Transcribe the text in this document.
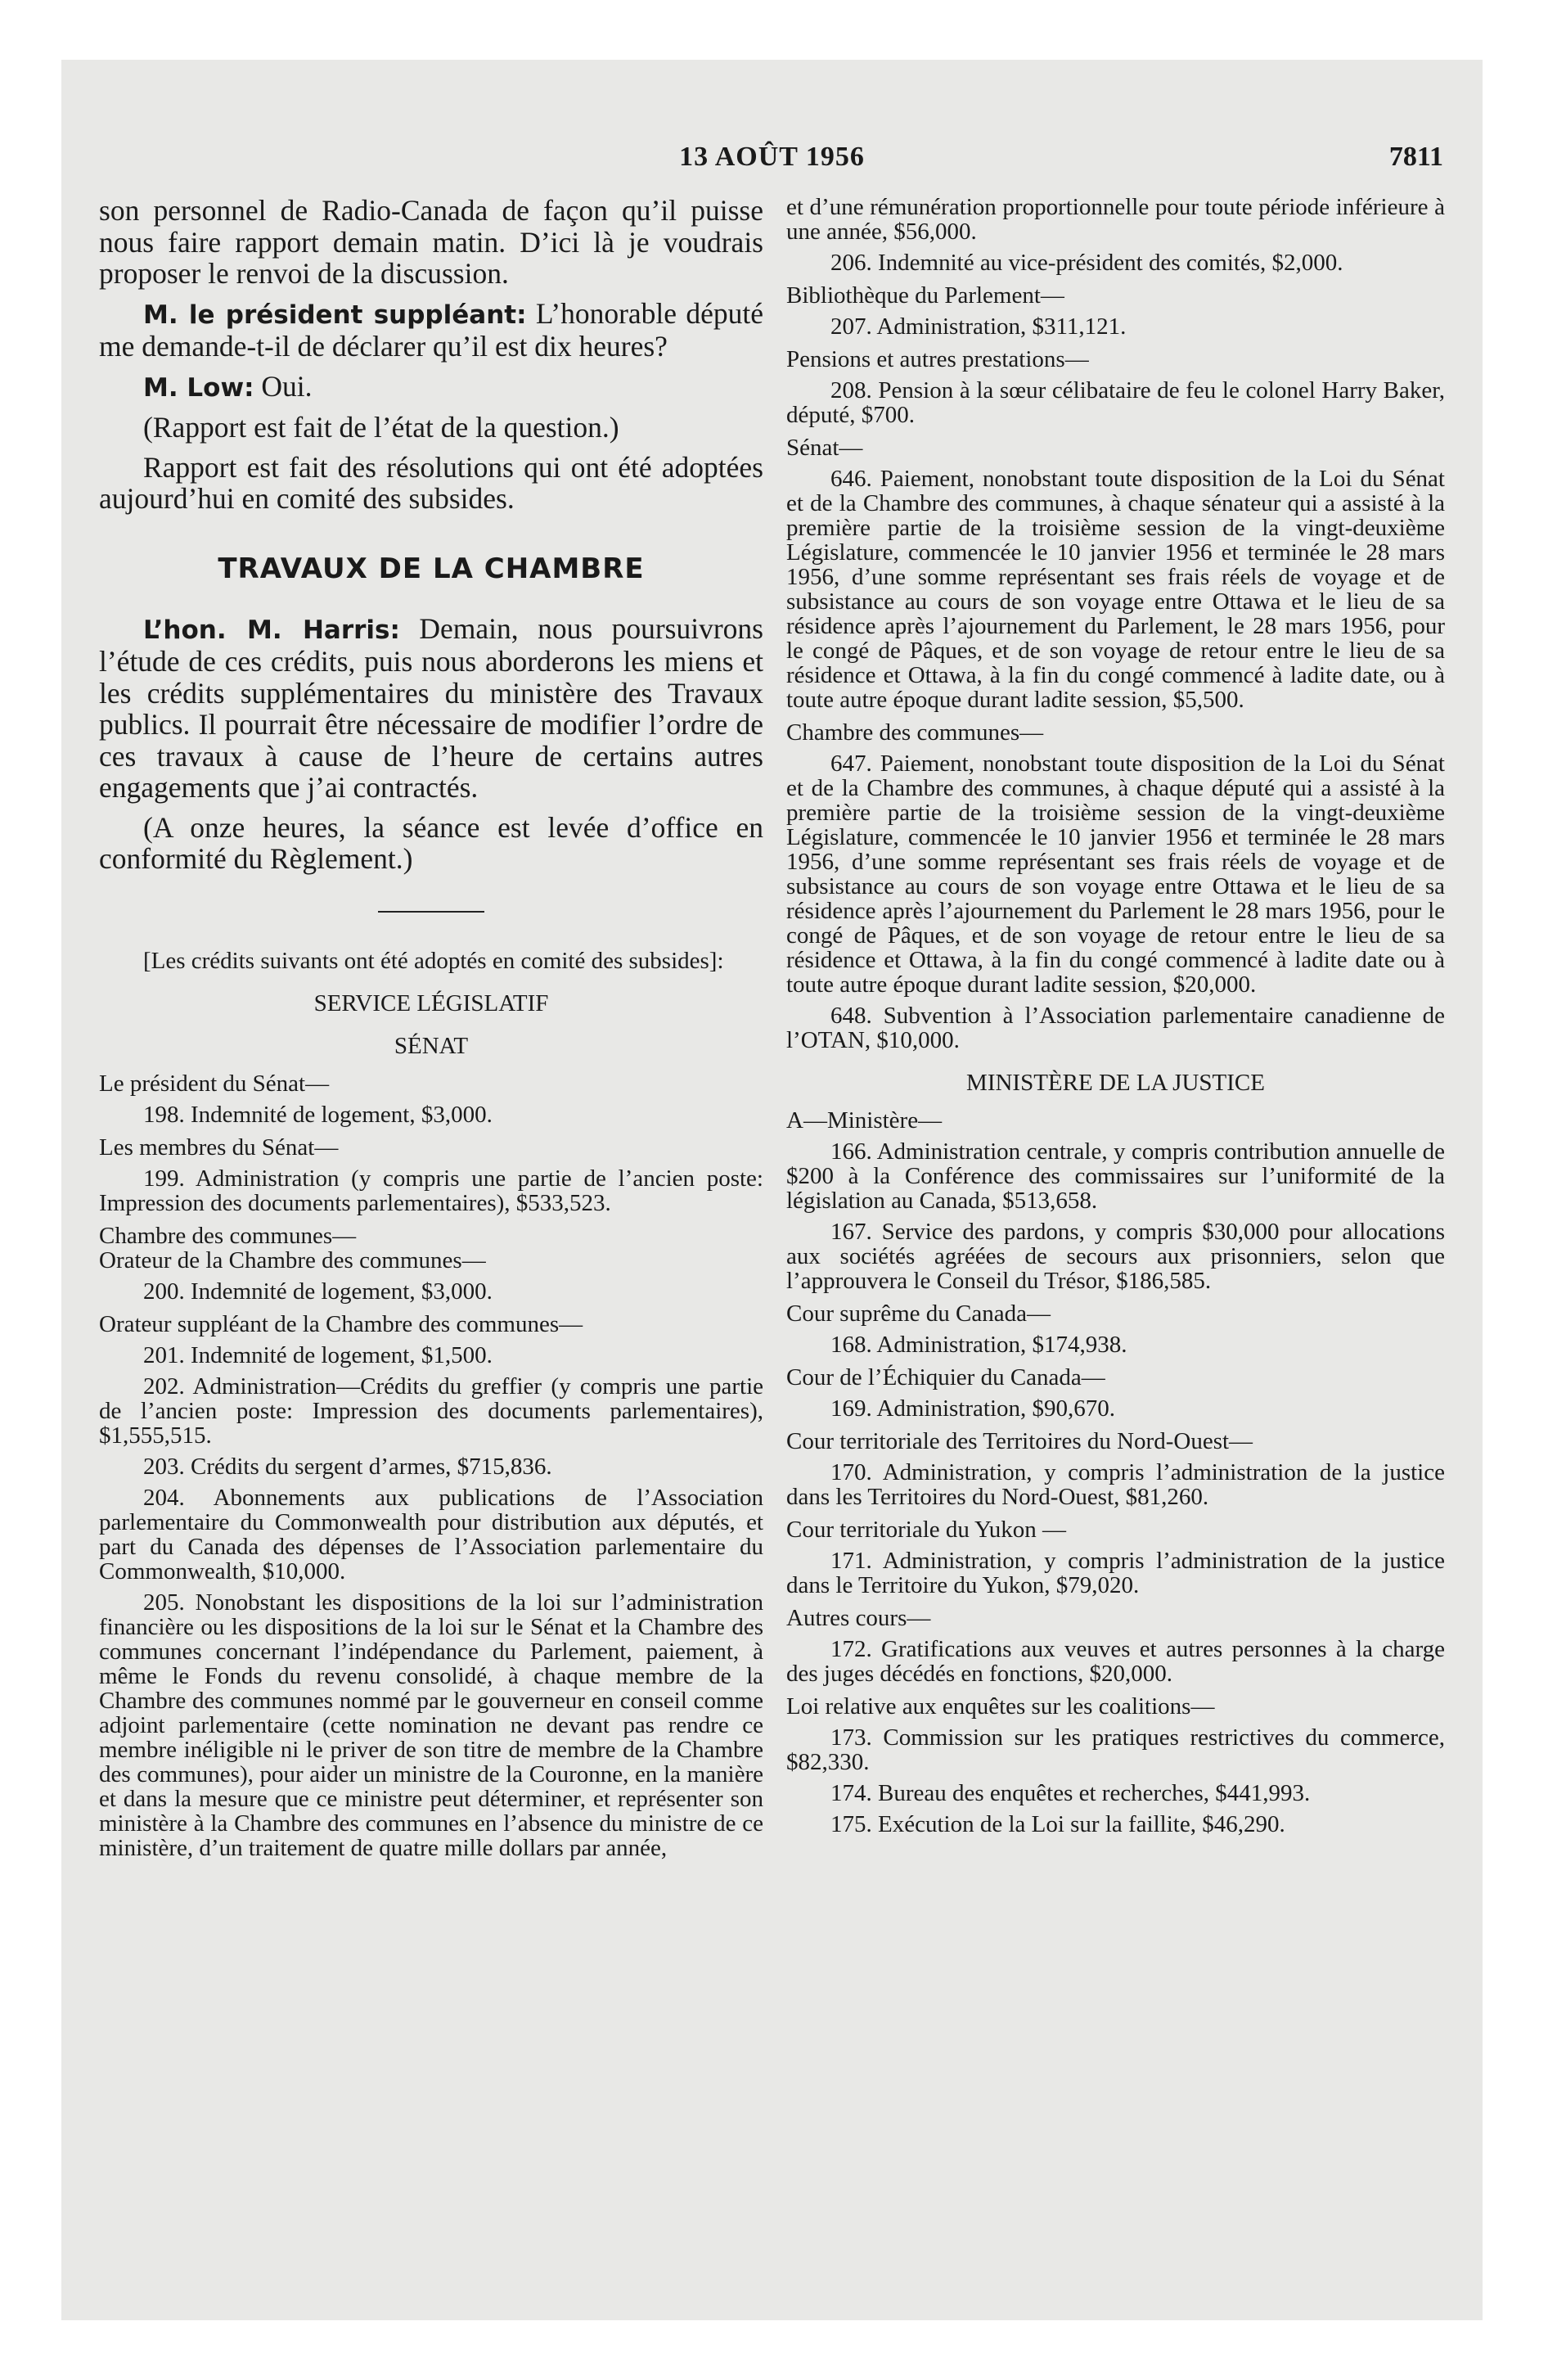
13 AOÛT 1956	7811

son personnel de Radio-Canada de façon qu’il puisse nous faire rapport demain matin. D’ici là je voudrais proposer le renvoi de la discussion.

M. le président suppléant: L’honorable député me demande-t-il de déclarer qu’il est dix heures?

M. Low: Oui.

(Rapport est fait de l’état de la question.)

Rapport est fait des résolutions qui ont été adoptées aujourd’hui en comité des subsides.

TRAVAUX DE LA CHAMBRE

L’hon. M. Harris: Demain, nous poursuivrons l’étude de ces crédits, puis nous aborderons les miens et les crédits supplémentaires du ministère des Travaux publics. Il pourrait être nécessaire de modifier l’ordre de ces travaux à cause de l’heure de certains autres engagements que j’ai contractés.

(A onze heures, la séance est levée d’office en conformité du Règlement.)

[Les crédits suivants ont été adoptés en comité des subsides]:

SERVICE LÉGISLATIF
SÉNAT

Le président du Sénat—

198. Indemnité de logement, $3,000.

Les membres du Sénat—

199. Administration (y compris une partie de l’ancien poste: Impression des documents parlementaires), $533,523.

Chambre des communes—

Orateur de la Chambre des communes—

200. Indemnité de logement, $3,000.

Orateur suppléant de la Chambre des communes—

201. Indemnité de logement, $1,500.

202. Administration—Crédits du greffier (y compris une partie de l’ancien poste: Impression des documents parlementaires), $1,555,515.

203. Crédits du sergent d’armes, $715,836.

204. Abonnements aux publications de l’Association parlementaire du Commonwealth pour distribution aux députés, et part du Canada des dépenses de l’Association parlementaire du Commonwealth, $10,000.

205. Nonobstant les dispositions de la loi sur l’administration financière ou les dispositions de la loi sur le Sénat et la Chambre des communes concernant l’indépendance du Parlement, paiement, à même le Fonds du revenu consolidé, à chaque membre de la Chambre des communes nommé par le gouverneur en conseil comme adjoint parlementaire (cette nomination ne devant pas rendre ce membre inéligible ni le priver de son titre de membre de la Chambre des communes), pour aider un ministre de la Couronne, en la manière et dans la mesure que ce ministre peut déterminer, et représenter son ministère à la Chambre des communes en l’absence du ministre de ce ministère, d’un traitement de quatre mille dollars par année,

et d’une rémunération proportionnelle pour toute période inférieure à une année, $56,000.

206. Indemnité au vice-président des comités, $2,000.

Bibliothèque du Parlement—

207. Administration, $311,121.

Pensions et autres prestations—

208. Pension à la sœur célibataire de feu le colonel Harry Baker, député, $700.

Sénat—

646. Paiement, nonobstant toute disposition de la Loi du Sénat et de la Chambre des communes, à chaque sénateur qui a assisté à la première partie de la troisième session de la vingt-deuxième Législature, commencée le 10 janvier 1956 et terminée le 28 mars 1956, d’une somme représentant ses frais réels de voyage et de subsistance au cours de son voyage entre Ottawa et le lieu de sa résidence après l’ajournement du Parlement, le 28 mars 1956, pour le congé de Pâques, et de son voyage de retour entre le lieu de sa résidence et Ottawa, à la fin du congé commencé à ladite date, ou à toute autre époque durant ladite session, $5,500.

Chambre des communes—

647. Paiement, nonobstant toute disposition de la Loi du Sénat et de la Chambre des communes, à chaque député qui a assisté à la première partie de la troisième session de la vingt-deuxième Législature, commencée le 10 janvier 1956 et terminée le 28 mars 1956, d’une somme représentant ses frais réels de voyage et de subsistance au cours de son voyage entre Ottawa et le lieu de sa résidence après l’ajournement du Parlement le 28 mars 1956, pour le congé de Pâques, et de son voyage de retour entre le lieu de sa résidence et Ottawa, à la fin du congé commencé à ladite date ou à toute autre époque durant ladite session, $20,000.

648. Subvention à l’Association parlementaire canadienne de l’OTAN, $10,000.

MINISTÈRE DE LA JUSTICE

A—Ministère—

166. Administration centrale, y compris contribution annuelle de $200 à la Conférence des commissaires sur l’uniformité de la législation au Canada, $513,658.

167. Service des pardons, y compris $30,000 pour allocations aux sociétés agréées de secours aux prisonniers, selon que l’approuvera le Conseil du Trésor, $186,585.

Cour suprême du Canada—

168. Administration, $174,938.

Cour de l’Échiquier du Canada—

169. Administration, $90,670.

Cour territoriale des Territoires du Nord-Ouest—

170. Administration, y compris l’administration de la justice dans les Territoires du Nord-Ouest, $81,260.

Cour territoriale du Yukon —

171. Administration, y compris l’administration de la justice dans le Territoire du Yukon, $79,020.

Autres cours—

172. Gratifications aux veuves et autres personnes à la charge des juges décédés en fonctions, $20,000.

Loi relative aux enquêtes sur les coalitions—

173. Commission sur les pratiques restrictives du commerce, $82,330.

174. Bureau des enquêtes et recherches, $441,993.

175. Exécution de la Loi sur la faillite, $46,290.
